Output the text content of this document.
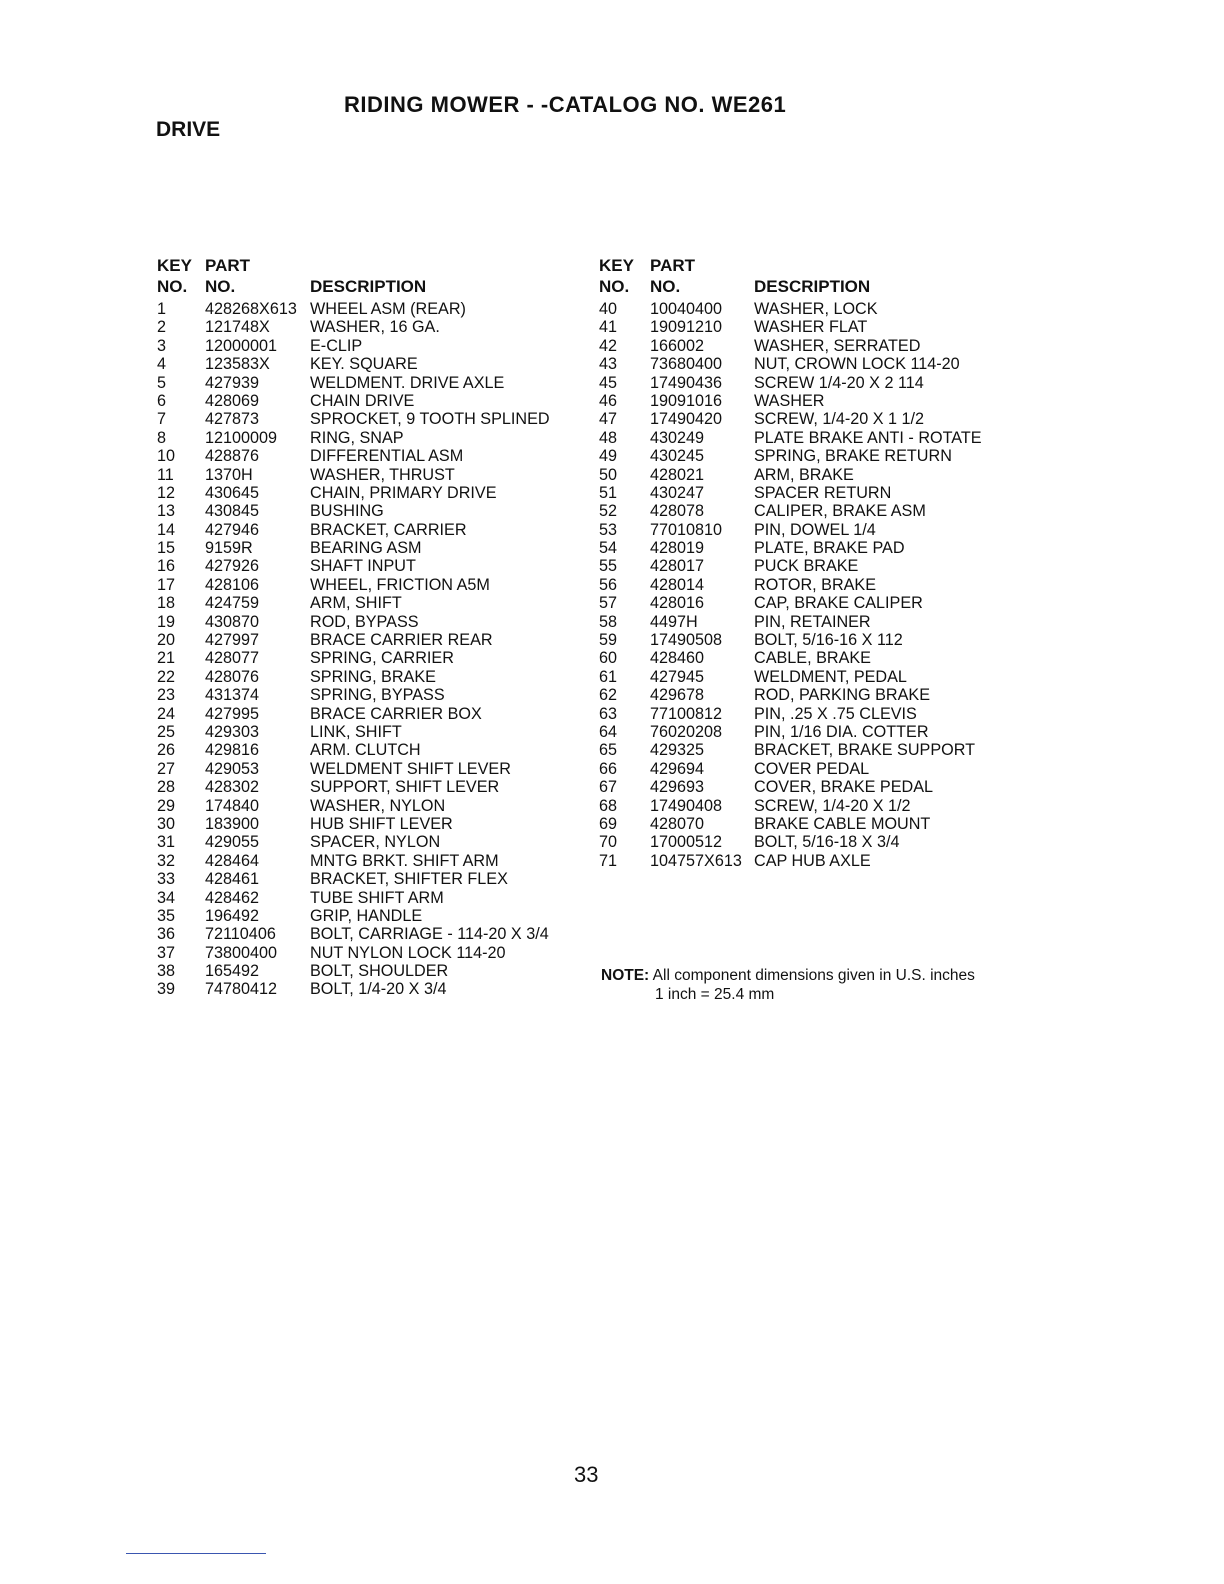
RIDING MOWER - -CATALOG NO. WE261
DRIVE
KEY PART
NO. NO.	DESCRIPTION
1 428268X613 WHEEL ASM (REAR)
2 121748X WASHER, 16 GA.
3 12000001 E-CLIP
4 123583X KEY. SQUARE
5 427939	WELDMENT. DRIVE AXLE
6 428069	CHAIN DRIVE
7 427873	SPROCKET, 9 TOOTH SPLINED
8 12100009 RING, SNAP
10 428876	DIFFERENTIAL ASM
11 1370H	WASHER, THRUST
12 430645	CHAIN, PRIMARY DRIVE
13 430845	BUSHING
14 427946	BRACKET, CARRIER
15 9159R	BEARING ASM
16 427926	SHAFT INPUT
17 428106	WHEEL, FRICTION A5M
18 424759	ARM, SHIFT
19 430870	ROD, BYPASS
20 427997	BRACE CARRIER REAR
21 428077	SPRING, CARRIER
22 428076	SPRING, BRAKE
23 431374	SPRING, BYPASS
24 427995	BRACE CARRIER BOX
25 429303	LINK, SHIFT
26 429816	ARM. CLUTCH
27 429053	WELDMENT SHIFT LEVER
28 428302	SUPPORT, SHIFT LEVER
29 174840	WASHER, NYLON
30 183900	HUB SHIFT LEVER
31 429055	SPACER, NYLON
32 428464	MNTG BRKT. SHIFT ARM
33 428461	BRACKET, SHIFTER FLEX
34 428462	TUBE SHIFT ARM
35 196492	GRIP, HANDLE
36 72110406 BOLT, CARRIAGE - 114-20 X 3/4
37 73800400 NUT NYLON LOCK 114-20
38 165492	BOLT, SHOULDER
39 74780412 BOLT, 1/4-20 X 3/4
KEY PART
NO. NO.	DESCRIPTION
40 10040400 WASHER, LOCK
41 19091210 WASHER FLAT
42 166002	WASHER, SERRATED
43 73680400 NUT, CROWN LOCK 114-20
45 17490436 SCREW 1/4-20 X 2 114
46 19091016 WASHER
47 17490420 SCREW, 1/4-20 X 1 1/2
48 430249	PLATE BRAKE ANTI - ROTATE
49 430245	SPRING, BRAKE RETURN
50 428021	ARM, BRAKE
51 430247	SPACER RETURN
52 428078	CALIPER, BRAKE ASM
53 77010810 PIN, DOWEL 1/4
54 428019	PLATE, BRAKE PAD
55 428017	PUCK BRAKE
56 428014	ROTOR, BRAKE
57 428016	CAP, BRAKE CALIPER
58 4497H	PIN, RETAINER
59 17490508 BOLT, 5/16-16 X 112
60 428460	CABLE, BRAKE
61 427945	WELDMENT, PEDAL
62 429678	ROD, PARKING BRAKE
63 77100812 PIN, .25 X .75 CLEVIS
64 76020208 PIN, 1/16 DIA. COTTER
65 429325	BRACKET, BRAKE SUPPORT
66 429694	COVER PEDAL
67 429693	COVER, BRAKE PEDAL
68 17490408 SCREW, 1/4-20 X 1/2
69 428070	BRAKE CABLE MOUNT
70 17000512 BOLT, 5/16-18 X 3/4
71 104757X613 CAP HUB AXLE
NOTE: All component dimensions given in U.S. inches
1 inch = 25.4 mm
33
